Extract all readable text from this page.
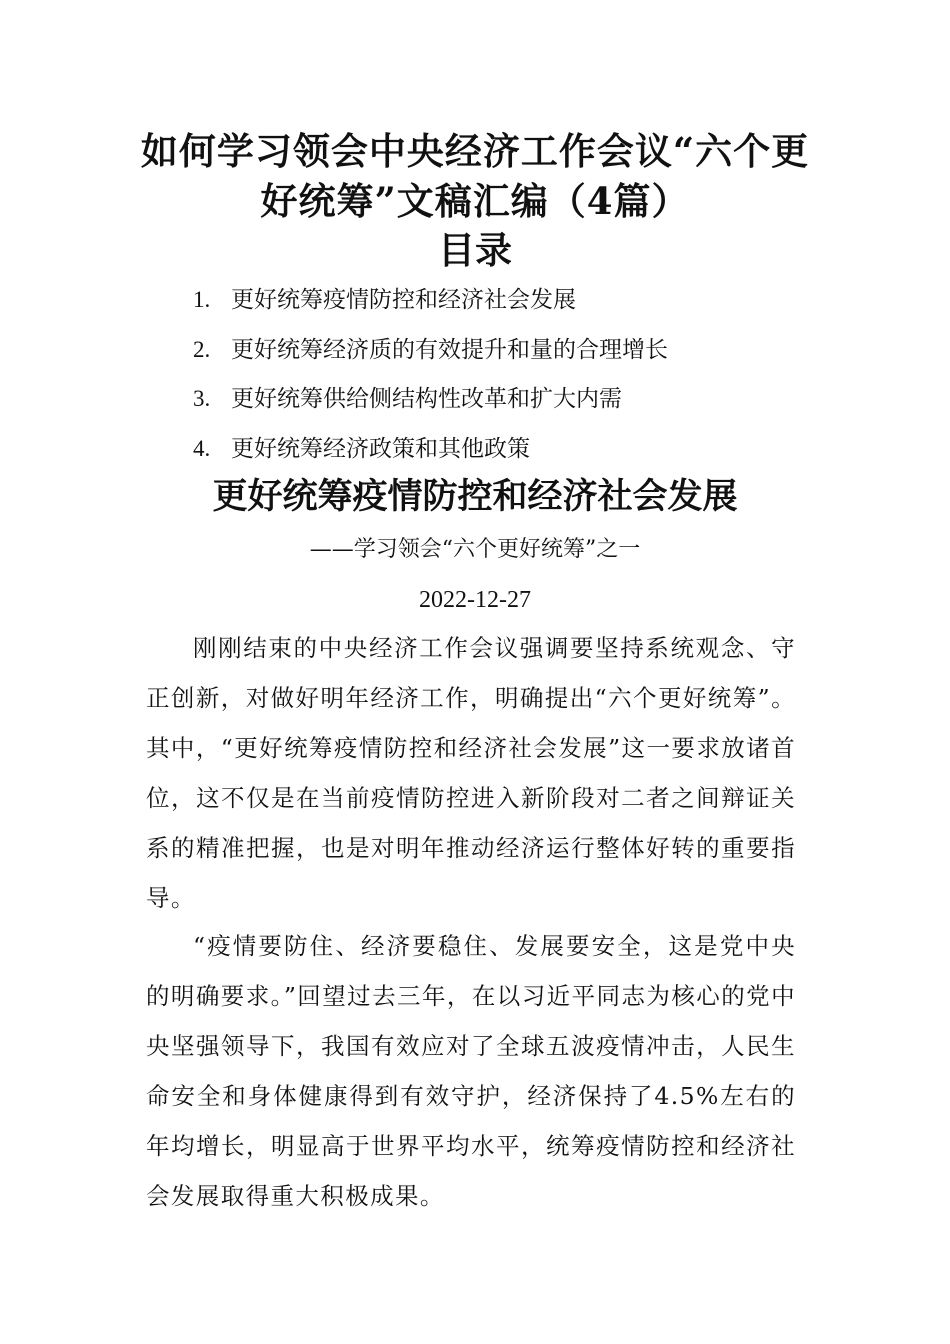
如何学习领会中央经济工作会议“六个更
好统筹”文稿汇编（4篇）
目录
1. 更好统筹疫情防控和经济社会发展
2. 更好统筹经济质的有效提升和量的合理增长
3. 更好统筹供给侧结构性改革和扩大内需
4. 更好统筹经济政策和其他政策
更好统筹疫情防控和经济社会发展

——学习领会“六个更好统筹”之一

2022-12-27

刚刚结束的中央经济工作会议强调要坚持系统观念、守正创新，对做好明年经济工作，明确提出“六个更好统筹”。其中，“更好统筹疫情防控和经济社会发展”这一要求放诸首位，这不仅是在当前疫情防控进入新阶段对二者之间辩证关系的精准把握，也是对明年推动经济运行整体好转的重要指导。

“疫情要防住、经济要稳住、发展要安全，这是党中央的明确要求。”回望过去三年，在以习近平同志为核心的党中央坚强领导下，我国有效应对了全球五波疫情冲击，人民生命安全和身体健康得到有效守护，经济保持了4.5%左右的年均增长，明显高于世界平均水平，统筹疫情防控和经济社会发展取得重大积极成果。
